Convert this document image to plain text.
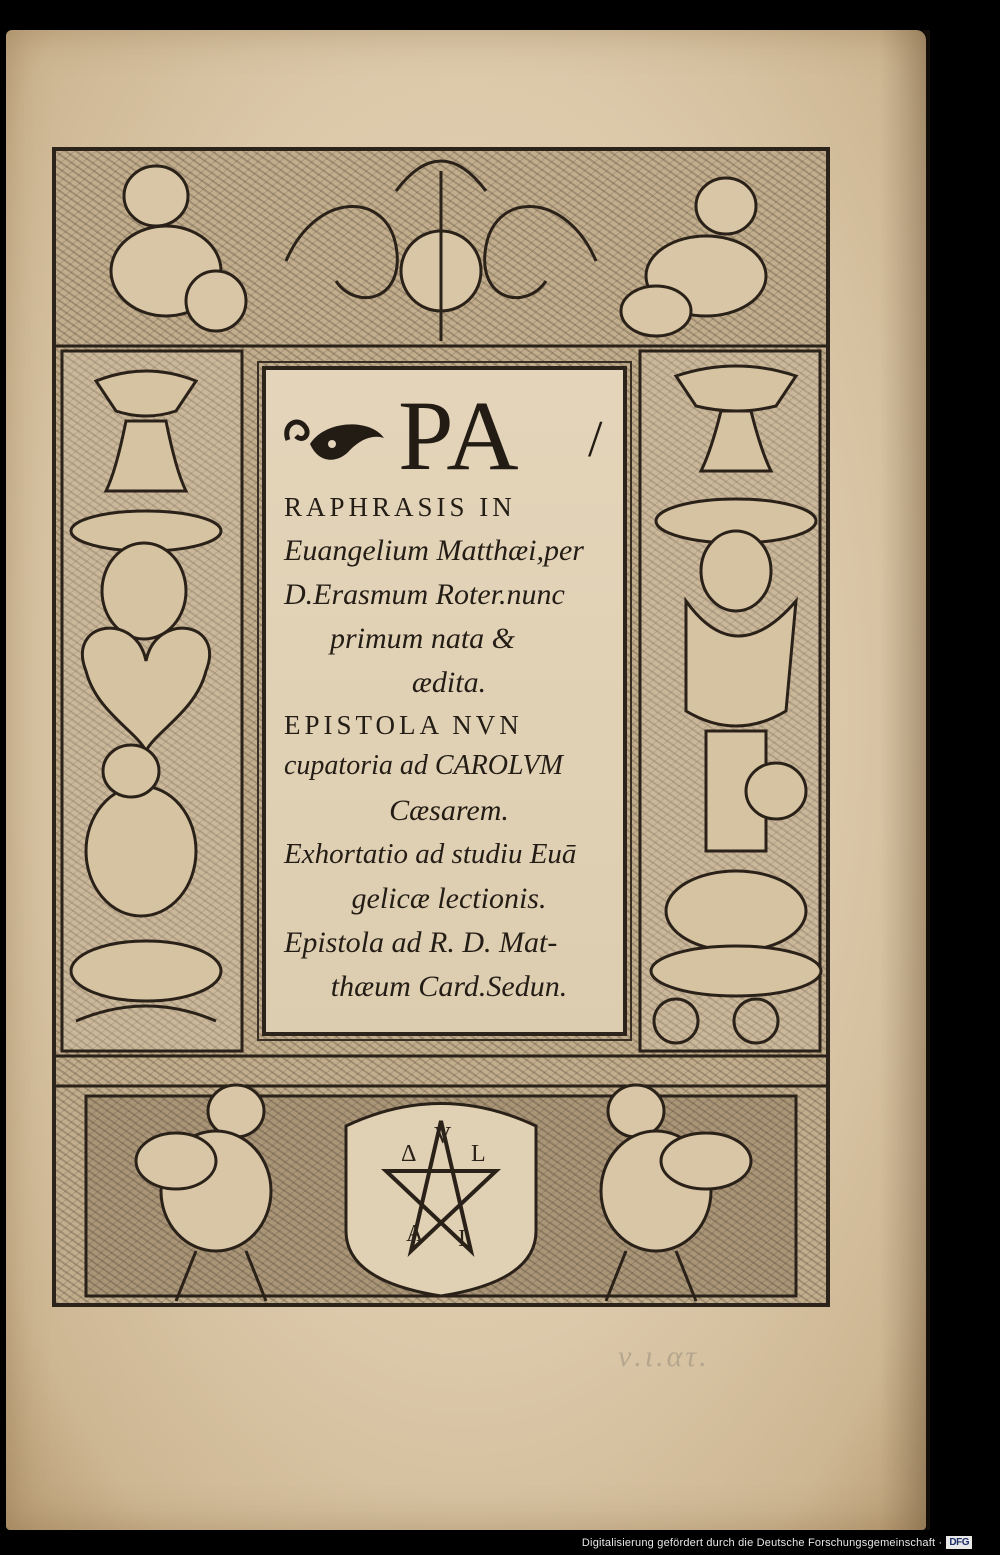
Δ
V
L
A I
PA /
RAPHRASIS IN
Euangelium Matthæi,per
D.Erasmum Roter.nunc
primum nata &
ædita.
EPISTOLA NVN
cupatoria ad CAROLVM
Cæsarem.
Exhortatio ad studiu Euā
gelicæ lectionis.
Epistola ad R. D. Mat-
thæum Card.Sedun.
ν.ι.ατ.
Digitalisierung gefördert durch die Deutsche Forschungsgemeinschaft · DFG
